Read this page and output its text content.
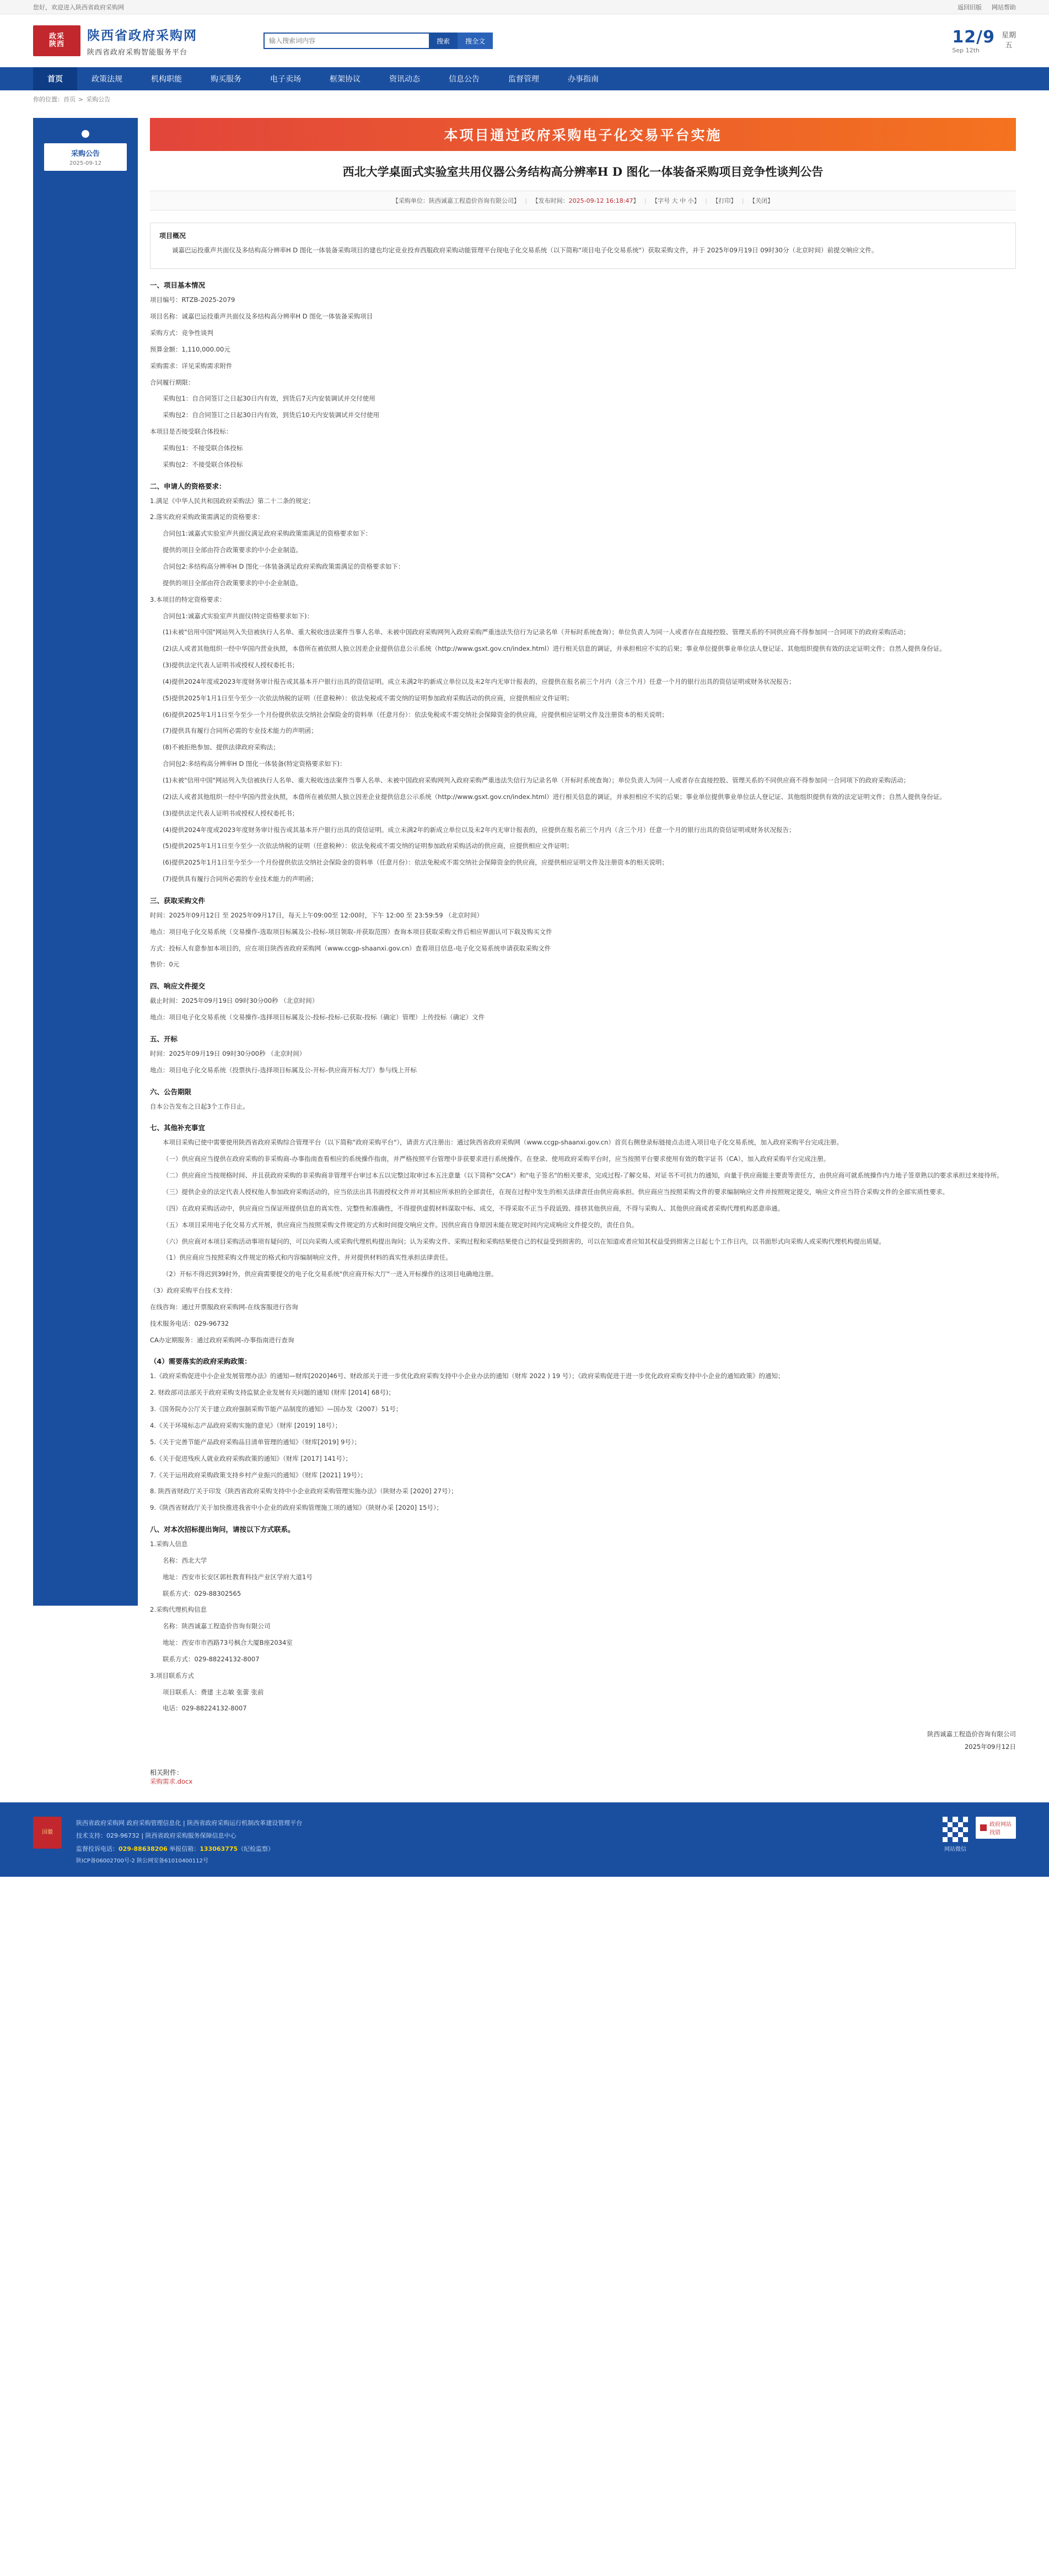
您好，欢迎进入陕西省政府采购网	返回旧版 网站帮助
政采
陕西
陕西省政府采购网
陕西省政府采购智能服务平台
输入搜索词内容
搜索	搜全文	12/9
Sep 12th
星期
五
首页	政策法规	机构职能	购买服务	电子卖场	框架协议	资讯动态	信息公告	监督管理	办事指南
你的位置： 首页 > 采购公告
采购公告
2025-09-12
本项目通过政府采购电子化交易平台实施
西北大学桌面式实验室共用仪器公务结构高分辨率H D 图化一体装备采购项目竞争性谈判公告
【采购单位：陕西诚嘉工程造价咨询有限公司】 | 【发布时间：2025-09-12 16:18:47】 | 【字号 大 中 小】 | 【打印】 | 【关闭】
项目概况

诚嘉巴运投重声共面仪及多结构高分辨率H D 图化一体装备采购项目的建也均定竞业投弃西服政府采购动能管理平台现电子化交易系统（以下简称"项目电子化交易系统"）获取采购文件，并于 2025年09月19日 09时30分（北京时间）前提交响应文件。

一、项目基本情况

项目编号：RTZB-2025-2079

项目名称：诚嘉巴运投重声共面仪及多结构高分辨率H D 图化一体装备采购项目

采购方式：竞争性谈判

预算金额：1,110,000.00元

采购需求：详见采购需求附件

合同履行期限：

采购包1：自合同签订之日起30日内有效，到货后7天内安装调试并交付使用

采购包2：自合同签订之日起30日内有效，到货后10天内安装调试并交付使用

本项目是否接受联合体投标：

采购包1：不接受联合体投标

采购包2：不接受联合体投标

二、申请人的资格要求：

1.满足《中华人民共和国政府采购法》第二十二条的规定；

2.落实政府采购政策需满足的资格要求：

合同包1:诚嘉式实验室声共面仪满足政府采购政策需满足的资格要求如下：

提供的项目全部由符合政策要求的中小企业制造。

合同包2:多结构高分辨率H D 图化一体装备满足政府采购政策需满足的资格要求如下：

提供的项目全部由符合政策要求的中小企业制造。

3.本项目的特定资格要求：

合同包1:诚嘉式实验室声共面仪(特定资格要求如下)：

(1)未被"信用中国"网站列入失信被执行人名单、重大税收违法案件当事人名单、未被中国政府采购网列入政府采购严重违法失信行为记录名单（开标时系统查询）；单位负责人为同一人或者存在直接控股、管理关系的不同供应商不得参加同一合同项下的政府采购活动；

(2)法人或者其他组织一经中华国内营业执照，本借所在被依照人独立因差企业提供信息公示系统（http://www.gsxt.gov.cn/index.html）进行相关信息的调证，并承担相应不实的后果；事业单位提供事业单位法人登记证、其他组织提供有效的法定证明文件；自然人提供身份证。

(3)提供法定代表人证明书或授权人授权委托书；

(4)提供2024年度或2023年度财务审计报告或其基本开户银行出具的资信证明。成立未满2年的新成立单位以及未2年内无审计报表的，应提供在报名前三个月内（含三个月）任意一个月的银行出具的资信证明或财务状况报告；

(5)提供2025年1月1日至今至少一次依法纳税的证明（任意税种）：依法免税或不需交纳的证明参加政府采购活动的供应商，应提供相应文件证明；

(6)提供2025年1月1日至今至少一个月份提供依法交纳社会保险金的资料单（任意月份）：依法免税或不需交纳社会保障资金的供应商，应提供相应证明文件及注册资本的相关说明；

(7)提供具有履行合同所必需的专业技术能力的声明函；

(8)不被拒绝参加、提供法律政府采购法；

合同包2:多结构高分辨率H D 图化一体装备(特定资格要求如下)：

(1)未被"信用中国"网站列入失信被执行人名单、重大税收违法案件当事人名单、未被中国政府采购网列入政府采购严重违法失信行为记录名单（开标时系统查询）；单位负责人为同一人或者存在直接控股、管理关系的不同供应商不得参加同一合同项下的政府采购活动；

(2)法人或者其他组织一经中华国内营业执照，本借所在被依照人独立因差企业提供信息公示系统（http://www.gsxt.gov.cn/index.html）进行相关信息的调证，并承担相应不实的后果；事业单位提供事业单位法人登记证、其他组织提供有效的法定证明文件；自然人提供身份证。

(3)提供法定代表人证明书或授权人授权委托书；

(4)提供2024年度或2023年度财务审计报告或其基本开户银行出具的资信证明。成立未满2年的新成立单位以及未2年内无审计报表的，应提供在报名前三个月内（含三个月）任意一个月的银行出具的资信证明或财务状况报告；

(5)提供2025年1月1日至今至少一次依法纳税的证明（任意税种）：依法免税或不需交纳的证明参加政府采购活动的供应商，应提供相应文件证明；

(6)提供2025年1月1日至今至少一个月份提供依法交纳社会保险金的资料单（任意月份）：依法免税或不需交纳社会保障资金的供应商，应提供相应证明文件及注册资本的相关说明；

(7)提供具有履行合同所必需的专业技术能力的声明函；

三、获取采购文件

时间：2025年09月12日 至 2025年09月17日，每天上午09:00至 12:00时，下午 12:00 至 23:59:59 （北京时间）

地点：项目电子化交易系统（交易操作-选取项目标属及公-投标-项目领取-并获取范围）查询本项目获取采购文件后相应界面认可下载及购买文件

方式：投标人有意参加本项目的，应在项目陕西省政府采购网（www.ccgp-shaanxi.gov.cn）查看项目信息-电子化交易系统申请获取采购文件

售价：0元

四、响应文件提交

截止时间：2025年09月19日 09时30分00秒 （北京时间）

地点：项目电子化交易系统（交易操作-选择项目标属及公-投标-投标-已获取-投标（确定）管理）上传投标（确定）文件

五、开标

时间：2025年09月19日 09时30分00秒 （北京时间）

地点：项目电子化交易系统（投票执行-选择项目标属及公-开标-供应商开标大厅）参与线上开标

六、公告期限

自本公告发布之日起3个工作日止。

七、其他补充事宜

本项目采购已使中需要使用陕西省政府采购综合管理平台（以下简称"政府采购平台"），请责方式注册出：通过陕西省政府采购网（www.ccgp-shaanxi.gov.cn）首页右侧登录标链接点击进入项目电子化交易系统，加入政府采购平台完成注册。

（一）供应商应当提供在政府采购的非采购商-办事指南查看相应的系统操作指南，并严格按照平台管理中非获要求进行系统操作。在登录、使用政府采购平台时，应当按照平台要求使用有效的数字证书（CA），加入政府采购平台完成注册。

（二）供应商应当按规格时间、并且获政府采购的非采购商非管理平台审过本五以完整过取审过本五注意量（以下简称"交CA"）和"电子签名"的相关要求，完成过程-了解交易、对证书不可抗力的通知，向量于供应商能主要责等责任方，由供应商可就系统操作内力地子签章熟以的要求承担过来接待所。

（三）提供企业的法定代表人授权他人参加政府采购活动的，应当依法出具书面授权文件并对其相应所承担的全部责任，在现在过程中发生的相关法律责任由供应商承担。供应商应当按照采购文件的要求编制响应文件并按照规定提交，响应文件应当符合采购文件的全部实质性要求。

（四）在政府采购活动中，供应商应当保证所提供信息的真实性、完整性和准确性，不得提供虚假材料谋取中标、成交，不得采取不正当手段诋毁、排挤其他供应商，不得与采购人、其他供应商或者采购代理机构恶意串通。

（五）本项目采用电子化交易方式开展，供应商应当按照采购文件规定的方式和时间提交响应文件。因供应商自身原因未能在规定时间内完成响应文件提交的，责任自负。

（六）供应商对本项目采购活动事项有疑问的，可以向采购人或采购代理机构提出询问；认为采购文件、采购过程和采购结果使自己的权益受到损害的，可以在知道或者应知其权益受到损害之日起七个工作日内，以书面形式向采购人或采购代理机构提出质疑。

（1）供应商应当按照采购文件规定的格式和内容编制响应文件，并对提供材料的真实性承担法律责任。

（2）开标不得迟到39时外，供应商需要提交的电子化交易系统"供应商开标大厅"一进入开标操作的这项目电确地注册。

（3）政府采购平台技术支持：

在线咨询：通过开票服政府采购网-在线客服进行咨询

技术服务电话：029-96732

CA办定期服务：通过政府采购网-办事指南进行查询

（4）需要落实的政府采购政策：

1.《政府采购促进中小企业发展管理办法》的通知—财库[2020]46号、财政部关于进一步优化政府采购支持中小企业办法的通知（财库 2022 ) 19 号）；《政府采购促进于进一步优化政府采购支持中小企业的通知政策》的通知；

2. 财政部司法部关于政府采购支持监狱企业发展有关问题的通知 (财库 [2014] 68号)；

3.《国务院办公厅关于建立政府强制采购节能产品制度的通知》—国办发（2007）51号；

4.《关于环境标志产品政府采购实施的意见》（财库 [2019] 18号）；

5.《关于完善节能产品政府采购品目清单管理的通知》（财库[2019] 9号）；

6.《关于促进残疾人就业政府采购政策的通知》（财库 [2017] 141号）；

7.《关于运用政府采购政策支持乡村产业振兴的通知》（财库 [2021] 19号）；

8. 陕西省财政厅关于印发《陕西省政府采购支持中小企业政府采购管理实施办法》（陕财办采 [2020] 27号）；

9.《陕西省财政厅关于加快推进我省中小企业的政府采购管理施工项的通知》（陕财办采 [2020] 15号）；

八、对本次招标提出询问，请按以下方式联系。

1.采购人信息

名称：西北大学

地址：西安市长安区郭杜教育科技产业区学府大道1号

联系方式：029-88302565

2.采购代理机构信息

名称：陕西诚嘉工程造价咨询有限公司

地址：西安市市西路73号枫合大厦B座2034室

联系方式：029-88224132-8007

3.项目联系方式

项目联系人：费建 主志敏 张蕾 张前

电话：029-88224132-8007

陕西诚嘉工程造价咨询有限公司
2025年09月12日
相关附件：
采购需求.docx
国徽
陕西省政府采购网 政府采购管理信息化 | 陕西省政府采购运行机制改革建设管理平台
技术支持：029-96732 | 陕西省政府采购服务保障信息中心
监督投诉电话：029-88638206 举报信箱：133063775（纪检监察）
陕ICP备06002700号-2 陕公网安备61010400112号
网站微信
政府网站
找错
